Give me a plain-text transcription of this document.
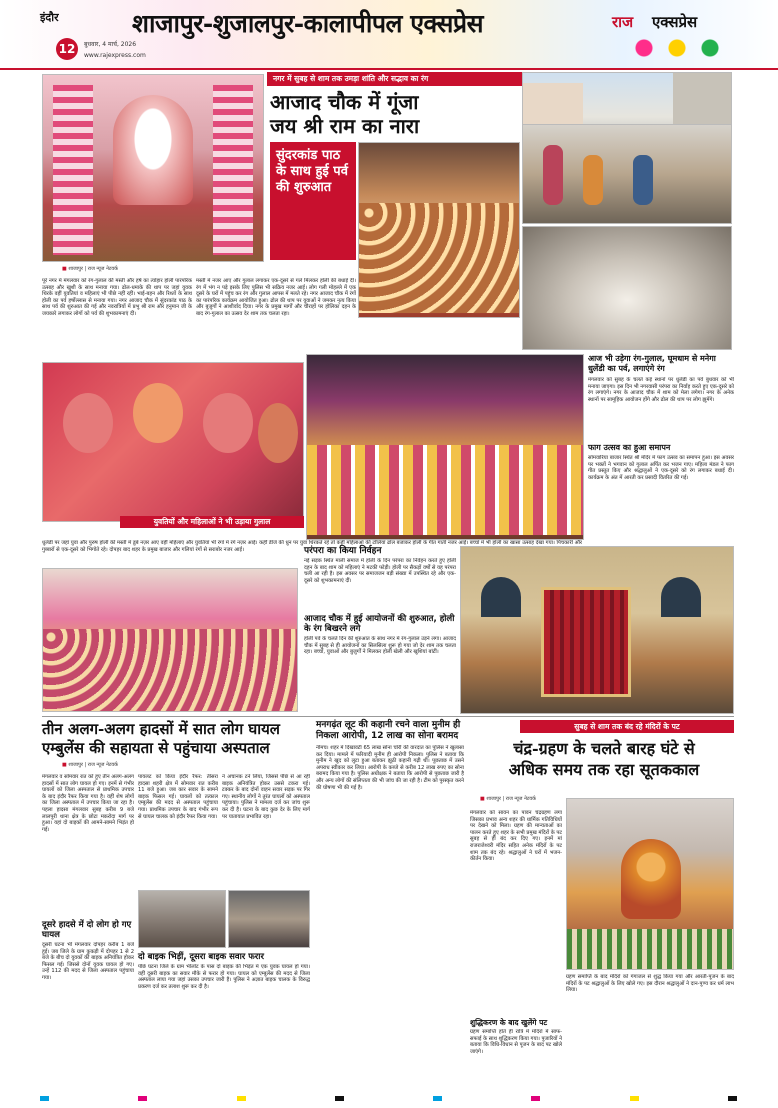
इंदौर
12	बुधवार, 4 मार्च, 2026
www.rajexpress.com
शाजापुर-शुजालपुर-कालापीपल एक्सप्रेस	राज एक्सप्रेस
नगर में सुबह से शाम तक उमड़ा शांति और सद्भाव का रंग
■ शाजापुर | राज न्यूज नेटवर्क
आजाद चौक में गूंजा
जय श्री राम का नारा
सुंदरकांड पाठ के साथ हुई पर्व की शुरुआत
पूरे नगर में मंगलवार को रंग-गुलाल की मस्ती और हर्ष का त्योहार होली पारंपरिक उत्साह और खुशी के साथ मनाया गया। ढोल-धमाके की थाप पर जहां युवक थिरके वहीं युवतियां व महिलाएं भी पीछे नहीं रहीं। भाई-बहन और रिश्तों के साथ होली का पर्व हर्षोल्लास से मनाया गया। नगर आजाद चौक में सुंदरकांड पाठ के साथ पर्व की शुरुआत की गई और नवरात्रियों में प्रभु श्री राम और हनुमान जी के जयकारे लगाकर लोगों को पर्व की शुभकामनाएं दीं।
मस्ती में नजर आए और गुलाल लगाकर एक-दूसरे से गले मिलकर होली की बधाई दी। रंग में भंग न पड़े इसके लिए पुलिस भी सक्रिय नजर आई। लोग गली मोहल्ले में एक दूसरे के घरों में पहुंच कर रंग और गुलाल आपस में मलते रहे। नगर आजाद चौक में रंगों का पारंपरिक कार्यक्रम आयोजित हुआ। ढोल की थाप पर युवाओं ने जमकर नृत्य किया और बुजुर्गों ने आशीर्वाद दिया। नगर के प्रमुख मार्गों और चौराहों पर होलिका दहन के बाद रंग-गुलाल का उत्सव देर शाम तक चलता रहा।
युवतियों और महिलाओं ने भी उड़ाया गुलाल
आज भी उड़ेगा रंग-गुलाल, घूमधाम से मनेगा धुलेंडी का पर्व, लगाएंगे रंग
मंगलवार को सुबह के चलते कई स्थानों पर धुलेंडी का पर्व बुधवार को भी मनाया जाएगा। इस दिन भी नगरवासी परंपरा का निर्वाह करते हुए एक-दूसरे को रंग लगाएंगे। नगर के आजाद चौक में शाम को मेला लगेगा। नगर के अनेक स्थानों पर सामूहिक आयोजन होंगे और ढोल की थाप पर लोग झूमेंगे।
फाग उत्सव का हुआ समापन
सोमवारिया बाजार स्थित श्री मंदिर में फाग उत्सव का समापन हुआ। इस अवसर पर भक्तों ने भगवान को गुलाल अर्पित कर भजन गाए। महिला मंडल ने फाग गीत प्रस्तुत किए और श्रद्धालुओं ने एक-दूसरे को रंग लगाकर बधाई दी। कार्यक्रम के अंत में आरती कर प्रसादी वितरित की गई।
धुलेंडी पर जहां युवा और पुरुष होली की मस्ती में डूबे नज़र आए वहीं महिलाएं और युवतियां भी रंगों में रंगे नज़र आईं। कहीं डीजे की धुन पर युवा थिरकते रहे तो कहीं महिलाओं की टोलियां ढोल बजाकर होली के गीत गाती नजर आईं। बच्चों में भी होली का खासा उत्साह देखा गया। पिचकारी और गुब्बारों से एक-दूसरे को भिगोते रहे। दोपहर बाद शहर के प्रमुख बाजार और गलियां रंगों से सराबोर नजर आईं।	परंपरा का किया निर्वहन
नई सड़क स्थित माली समाज में होली के दिन परंपरा का निर्वहन करते हुए होली दहन के बाद शाम को महिलाएं ने मटकी फोड़ी। होली पर सैकड़ों वर्षों से यह परंपरा चली आ रही है। इस अवसर पर समाजजन बड़ी संख्या में उपस्थित रहे और एक-दूसरे को शुभकामनाएं दीं।
आजाद चौक में हुई आयोजनों की शुरुआत, होली के रंग बिखरने लगे
होली पर्व के चलते दिन की शुरुआत के साथ नगर में रंग-गुलाल उड़ने लगा। आजाद चौक में सुबह से ही आयोजनों का सिलसिला शुरू हो गया जो देर शाम तक चलता रहा। बच्चों, युवाओं और बुजुर्गों ने मिलकर होली खेली और खुशियां बांटीं।
तीन अलग-अलग हादसों में सात लोग घायल
एम्बुलेंस की सहायता से पहुंचाया अस्पताल
■ शाजापुर | राज न्यूज नेटवर्क
मंगलवार व सोमवार रात को हुए तीन अलग-अलग हादसों में सात लोग घायल हो गए। इनमें से गंभीर घायलों को जिला अस्पताल से प्राथमिक उपचार के बाद इंदौर रैफर किया गया है। वहीं शेष लोगों का जिला अस्पताल में उपचार किया जा रहा है। पहला हादसा मंगलवार सुबह करीब 9 बजे लालपुरी थाना क्षेत्र के छोटा मकरोदा मार्ग पर हुआ। यहां दो बाइकों की आमने-सामने भिड़ंत हो गई।
पायलट को किया इंदौर रैफर: तीसरा हादसा शहरी क्षेत्र में सोमवार रात करीब 11 बजे हुआ। जब कार सवार के सामने बाइक फिसल गई। घायलों को तत्काल एम्बुलेंस की मदद से अस्पताल पहुंचाया गया। प्राथमिक उपचार के बाद गंभीर रूप से घायल चालक को इंदौर रैफर किया गया।
ने अचानक टर्न लिया, जिससे पीछे से आ रही बाइक अनियंत्रित होकर उससे टकरा गई। टक्कर के बाद दोनों वाहन सवार सड़क पर गिर गए। स्थानीय लोगों ने तुरंत घायलों को अस्पताल पहुंचाया। पुलिस ने मामला दर्ज कर जांच शुरू कर दी है। घटना के बाद कुछ देर के लिए मार्ग पर यातायात प्रभावित रहा।
दूसरे हादसे में दो लोग हो गए घायल
दूसरी घटना भी मंगलवार दोपहर करीब 1 बजे हुई। जब जिले के ग्राम कुकड़ी में दोपहर 1 से 2 बजे के बीच दो युवकों की बाइक अनियंत्रित होकर फिसल गई। जिससे दोनों युवक घायल हो गए। उन्हें 112 की मदद से जिला अस्पताल पहुंचाया गया।
दो बाइक भिड़ीं, दूसरा बाइक सवार फरार
पीछे घटना जिले के ग्राम भीलोट के पास दो बाइक की भिड़ंत में एक युवक घायल हो गया। वहीं दूसरी बाइक का सवार मौके से फरार हो गया। घायल को एम्बुलेंस की मदद से जिला अस्पताल लाया गया जहां उसका उपचार जारी है। पुलिस ने अज्ञात बाइक चालक के विरुद्ध प्रकरण दर्ज कर तलाश शुरू कर दी है।
मनगढ़ंत लूट की कहानी रचने वाला मुनीम ही निकला आरोपी, 12 लाख का सोना बरामद
नीमच। शहर में दिखावटी 65 लाख सोना चोरी की वारदात का पुलिस ने खुलासा कर दिया। मामले में फरियादी मुनीम ही आरोपी निकला। पुलिस ने बताया कि मुनीम ने खुद को लुटा हुआ बताकर झूठी कहानी गढ़ी थी। पूछताछ में उसने अपराध स्वीकार कर लिया। आरोपी के कब्जे से करीब 12 लाख रुपए का सोना बरामद किया गया है। पुलिस अधीक्षक ने बताया कि आरोपी से पूछताछ जारी है और अन्य लोगों की संलिप्तता की भी जांच की जा रही है। टीम को पुरस्कृत करने की घोषणा भी की गई है।
सुबह से शाम तक बंद रहे मंदिरों के पट
चंद्र-ग्रहण के चलते बारह घंटे से
अधिक समय तक रहा सूतककाल
■ शाजापुर | राज न्यूज नेटवर्क
मंगलवार को सावन का पावन चंद्रग्रहण लगा जिसका प्रभाव अन्य शहर की धार्मिक गतिविधियों पर देखने को मिला। ग्रहण की मान्यताओं का पालन करते हुए शहर के सभी प्रमुख मंदिरों के पट सुबह से ही बंद कर दिए गए। इनमें मां राजराजेश्वरी मंदिर सहित अनेक मंदिरों के पट शाम तक बंद रहे। श्रद्धालुओं ने घरों में भजन-कीर्तन किया।
ग्रहण समाप्ति के बाद मंदिरों को गंगाजल से शुद्ध किया गया और आरती-पूजन के बाद मंदिरों के पट श्रद्धालुओं के लिए खोले गए। इस दौरान श्रद्धालुओं ने दान-पुण्य कर धर्म लाभ लिया।
शुद्धिकरण के बाद खुलेंगे पट
ग्रहण समाप्ति होते ही रात्रि में मंदिरों में साफ-सफाई के साथ शुद्धिकरण किया गया। पुजारियों ने बताया कि विधि-विधान से पूजन के बाद पट खोले जाएंगे।
